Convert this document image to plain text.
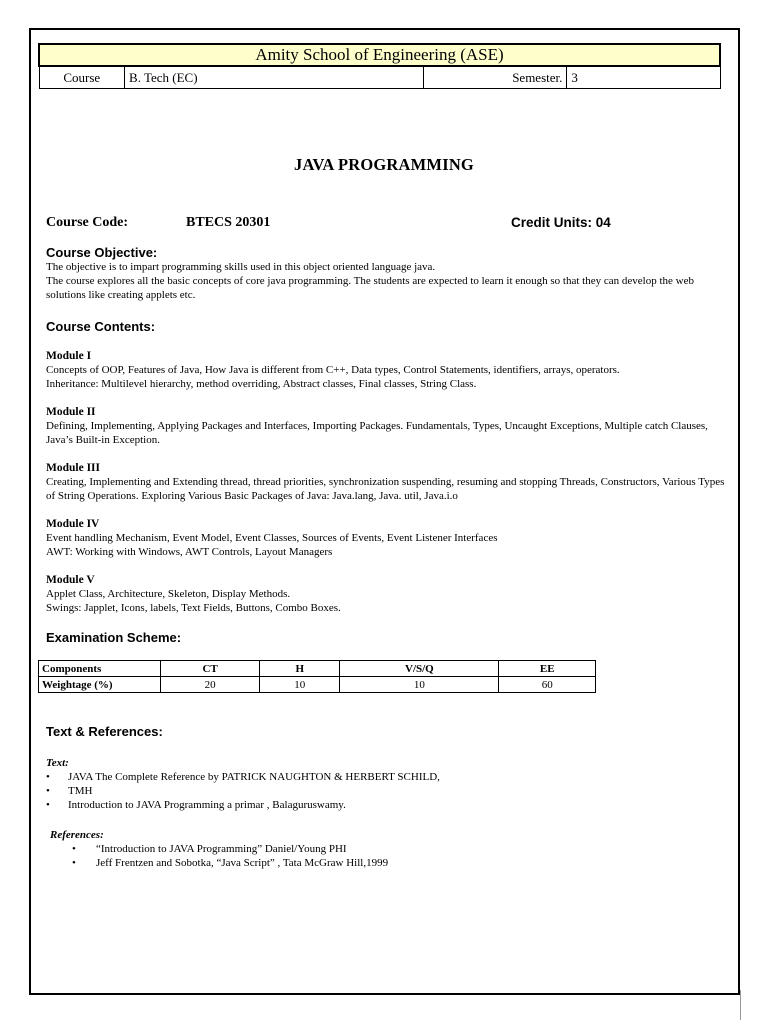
Amity School of Engineering (ASE)
Course	B. Tech (EC)	Semester.	3
JAVA PROGRAMMING
Course Code:	BTECS 20301	Credit Units: 04
Course Objective:

The objective is to impart programming skills used in this object oriented language java.

The course explores all the basic concepts of core java programming. The students are expected to learn it enough so that they can develop the web solutions like creating applets etc.

Course Contents:
Module I

Concepts of OOP, Features of Java, How Java is different from C++, Data types, Control Statements, identifiers, arrays, operators.

Inheritance: Multilevel hierarchy, method overriding, Abstract classes, Final classes, String Class.

Module II

Defining, Implementing, Applying Packages and Interfaces, Importing Packages. Fundamentals, Types, Uncaught Exceptions, Multiple catch Clauses, Java’s Built-in Exception.

Module III

Creating, Implementing and Extending thread, thread priorities, synchronization suspending, resuming and stopping Threads, Constructors, Various Types of String Operations. Exploring Various Basic Packages of Java: Java.lang, Java. util, Java.i.o

Module IV

Event handling Mechanism, Event Model, Event Classes, Sources of Events, Event Listener Interfaces

AWT: Working with Windows, AWT Controls, Layout Managers

Module V

Applet Class, Architecture, Skeleton, Display Methods.

Swings: Japplet, Icons, labels, Text Fields, Buttons, Combo Boxes.

Examination Scheme:
Components	CT	H	V/S/Q	EE
Weightage (%)	20	10	10	60
Text & References:
Text:
• JAVA The Complete Reference by PATRICK NAUGHTON & HERBERT SCHILD,
• TMH
• Introduction to JAVA Programming a primar , Balaguruswamy.
References:
• “Introduction to JAVA Programming” Daniel/Young PHI
• Jeff Frentzen and Sobotka, “Java Script” , Tata McGraw Hill,1999
